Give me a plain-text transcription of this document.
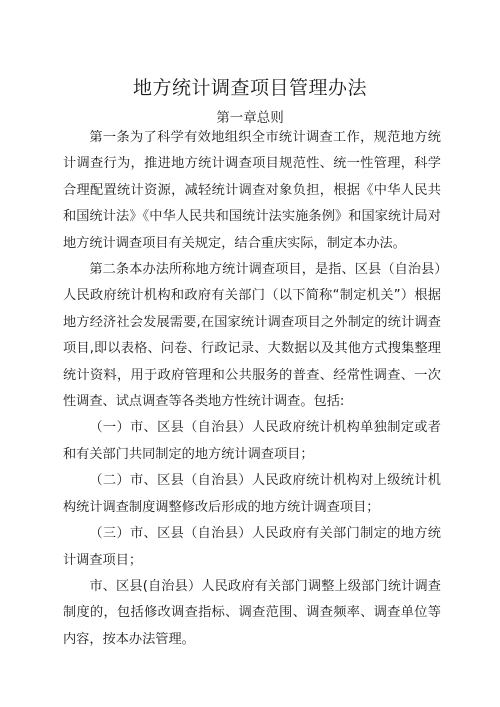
地方统计调查项目管理办法
第一章总则

第一条为了科学有效地组织全市统计调查工作，规范地方统计调查行为，推进地方统计调查项目规范性、统一性管理，科学合理配置统计资源，减轻统计调查对象负担，根据《中华人民共和国统计法》《中华人民共和国统计法实施条例》和国家统计局对地方统计调查项目有关规定，结合重庆实际，制定本办法。

第二条本办法所称地方统计调查项目，是指、区县（自治县）人民政府统计机构和政府有关部门（以下简称“制定机关”）根据地方经济社会发展需要,在国家统计调查项目之外制定的统计调查项目,即以表格、问卷、行政记录、大数据以及其他方式搜集整理统计资料，用于政府管理和公共服务的普查、经常性调查、一次性调查、试点调查等各类地方性统计调查。包括:

（一）市、区县（自治县）人民政府统计机构单独制定或者和有关部门共同制定的地方统计调查项目；

（二）市、区县（自治县）人民政府统计机构对上级统计机构统计调查制度调整修改后形成的地方统计调查项目；

（三）市、区县（自治县）人民政府有关部门制定的地方统计调查项目；

市、区县(自治县）人民政府有关部门调整上级部门统计调查制度的，包括修改调查指标、调查范围、调查频率、调查单位等内容，按本办法管理。
